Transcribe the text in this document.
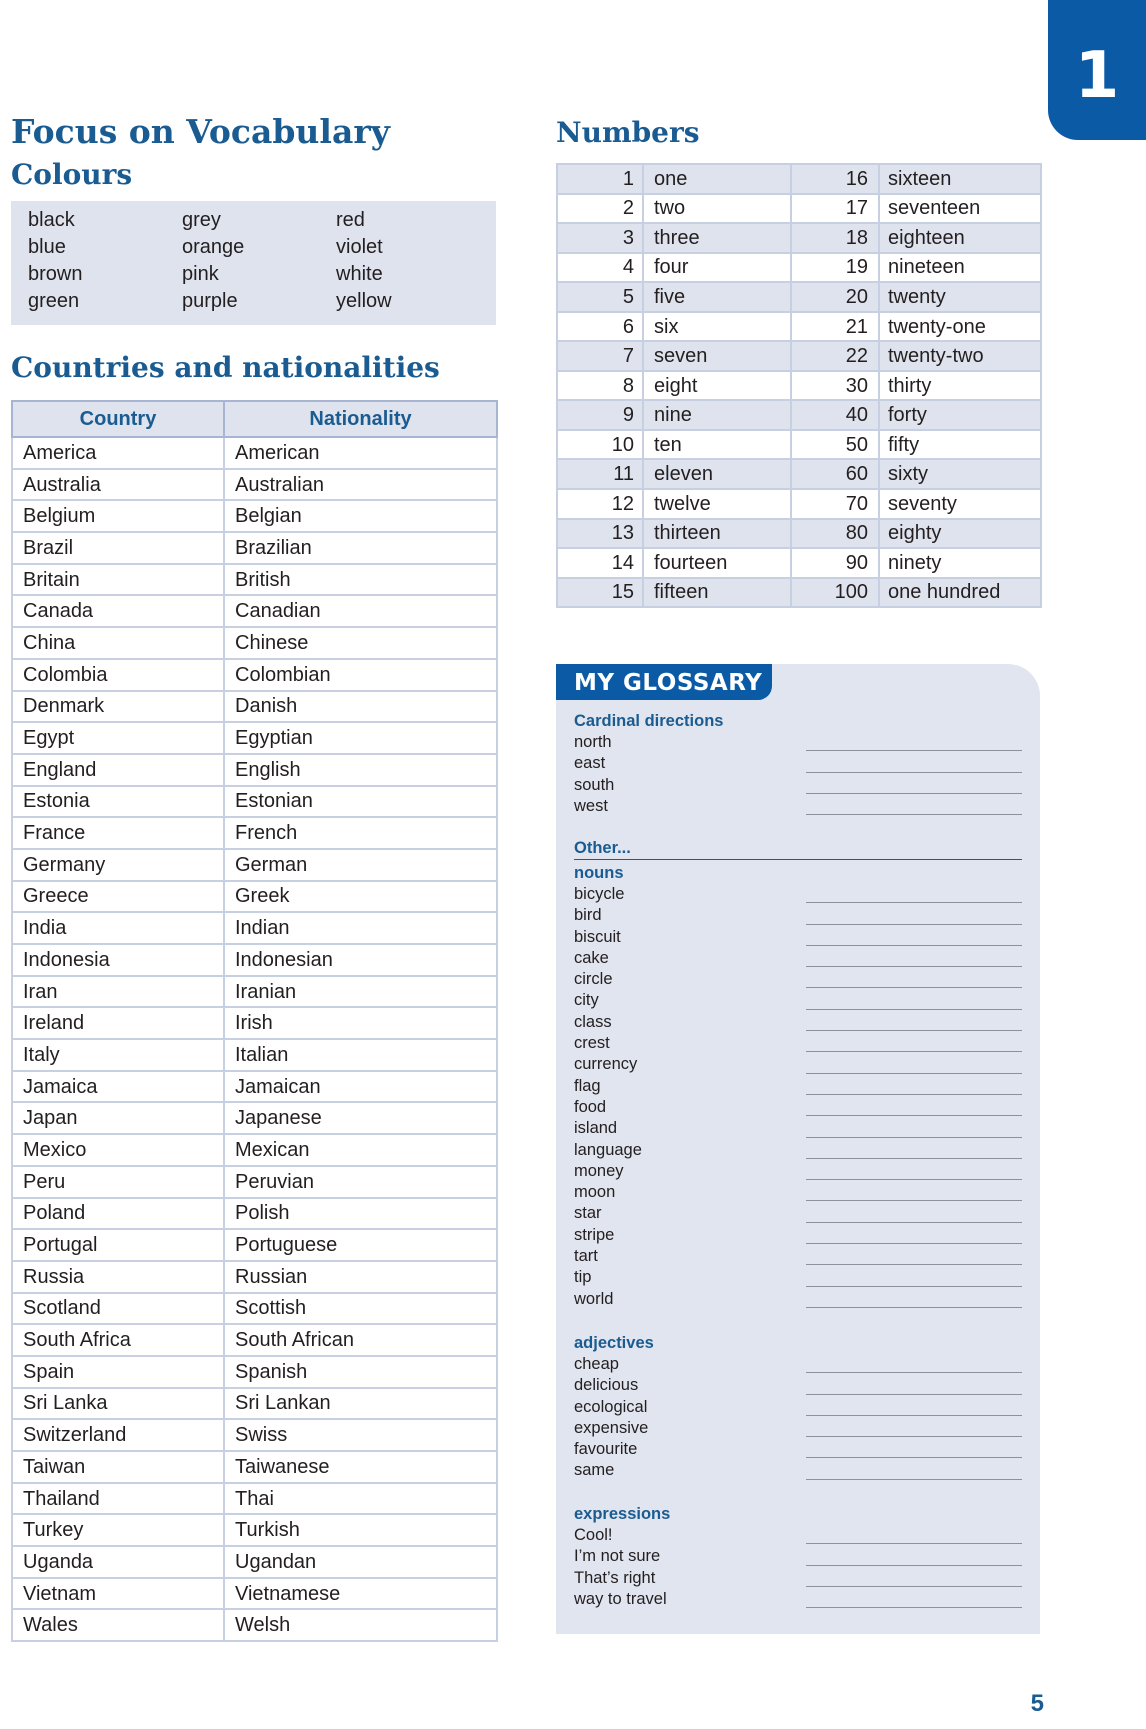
1
Focus on Vocabulary
Colours
black	grey	red
blue	orange	violet
brown	pink	white
green	purple	yellow
Countries and nationalities
Country	Nationality
America	American
Australia	Australian
Belgium	Belgian
Brazil	Brazilian
Britain	British
Canada	Canadian
China	Chinese
Colombia	Colombian
Denmark	Danish
Egypt	Egyptian
England	English
Estonia	Estonian
France	French
Germany	German
Greece	Greek
India	Indian
Indonesia	Indonesian
Iran	Iranian
Ireland	Irish
Italy	Italian
Jamaica	Jamaican
Japan	Japanese
Mexico	Mexican
Peru	Peruvian
Poland	Polish
Portugal	Portuguese
Russia	Russian
Scotland	Scottish
South Africa	South African
Spain	Spanish
Sri Lanka	Sri Lankan
Switzerland	Swiss
Taiwan	Taiwanese
Thailand	Thai
Turkey	Turkish
Uganda	Ugandan
Vietnam	Vietnamese
Wales	Welsh
Numbers
1	one	16	sixteen
2	two	17	seventeen
3	three	18	eighteen
4	four	19	nineteen
5	five	20	twenty
6	six	21	twenty-one
7	seven	22	twenty-two
8	eight	30	thirty
9	nine	40	forty
10	ten	50	fifty
11	eleven	60	sixty
12	twelve	70	seventy
13	thirteen	80	eighty
14	fourteen	90	ninety
15	fifteen	100	one hundred
MY GLOSSARY
Cardinal directions
north
east
south
west
Other...
nouns
bicycle
bird
biscuit
cake
circle
city
class
crest
currency
flag
food
island
language
money
moon
star
stripe
tart
tip
world
adjectives
cheap
delicious
ecological
expensive
favourite
same
expressions
Cool!
I’m not sure
That’s right
way to travel
5
